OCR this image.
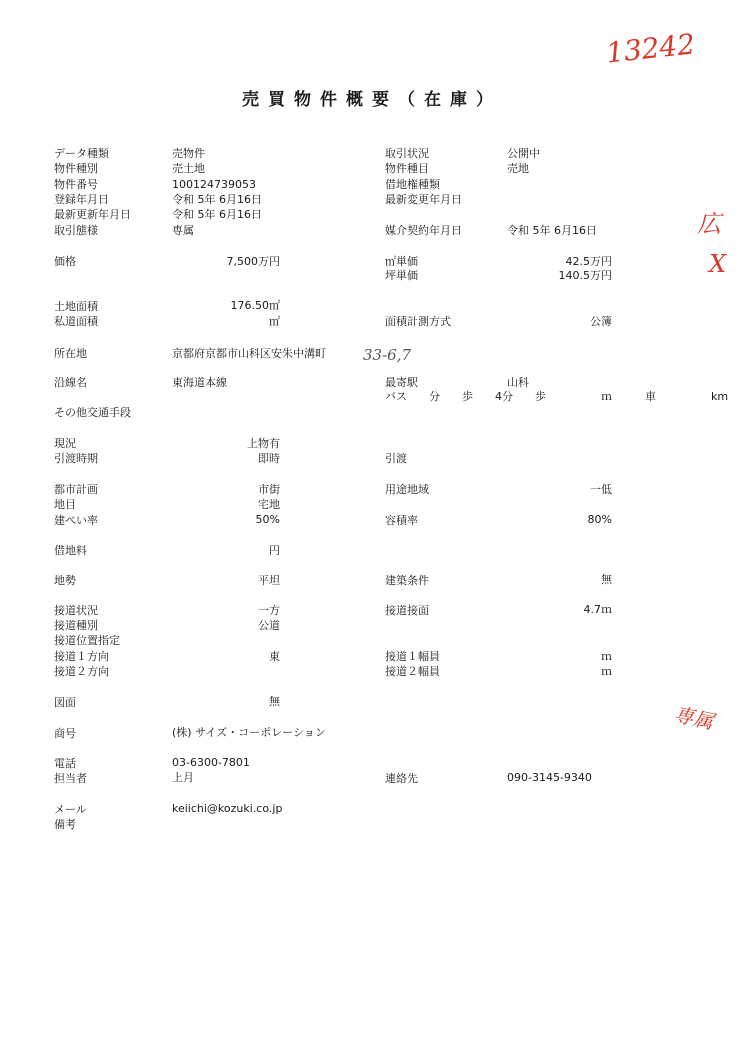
13242
広
X
専属
33-6,7
売買物件概要（在庫）
データ種類	売物件	取引状況	公開中
物件種別	売土地	物件種目	売地
物件番号	100124739053	借地権種類
登録年月日	令和 5年 6月16日	最新変更年月日
最新更新年月日	令和 5年 6月16日
取引態様	専属	媒介契約年月日	令和 5年 6月16日
価格	7,500万円	㎡単価	42.5万円
坪単価	140.5万円
土地面積	176.50㎡
私道面積	㎡	面積計測方式	公簿
所在地	京都府京都市山科区安朱中溝町
沿線名	東海道本線	最寄駅	山科
バス　　分　　歩　　4分　　歩　　　　　ｍ　　　車　　　　　km
その他交通手段
現況	上物有
引渡時期	即時	引渡
都市計画	市街	用途地域	一低
地目	宅地
建ぺい率	50%	容積率	80%
借地料	円
地勢	平坦	建築条件	無
接道状況	一方	接道接面	4.7ｍ
接道種別	公道
接道位置指定
接道１方向	東	接道１幅員	ｍ
接道２方向	接道２幅員	ｍ
図面	無
商号	(株) サイズ・コーポレーション
電話	03-6300-7801
担当者	上月	連絡先	090-3145-9340
メール	keiichi@kozuki.co.jp
備考
